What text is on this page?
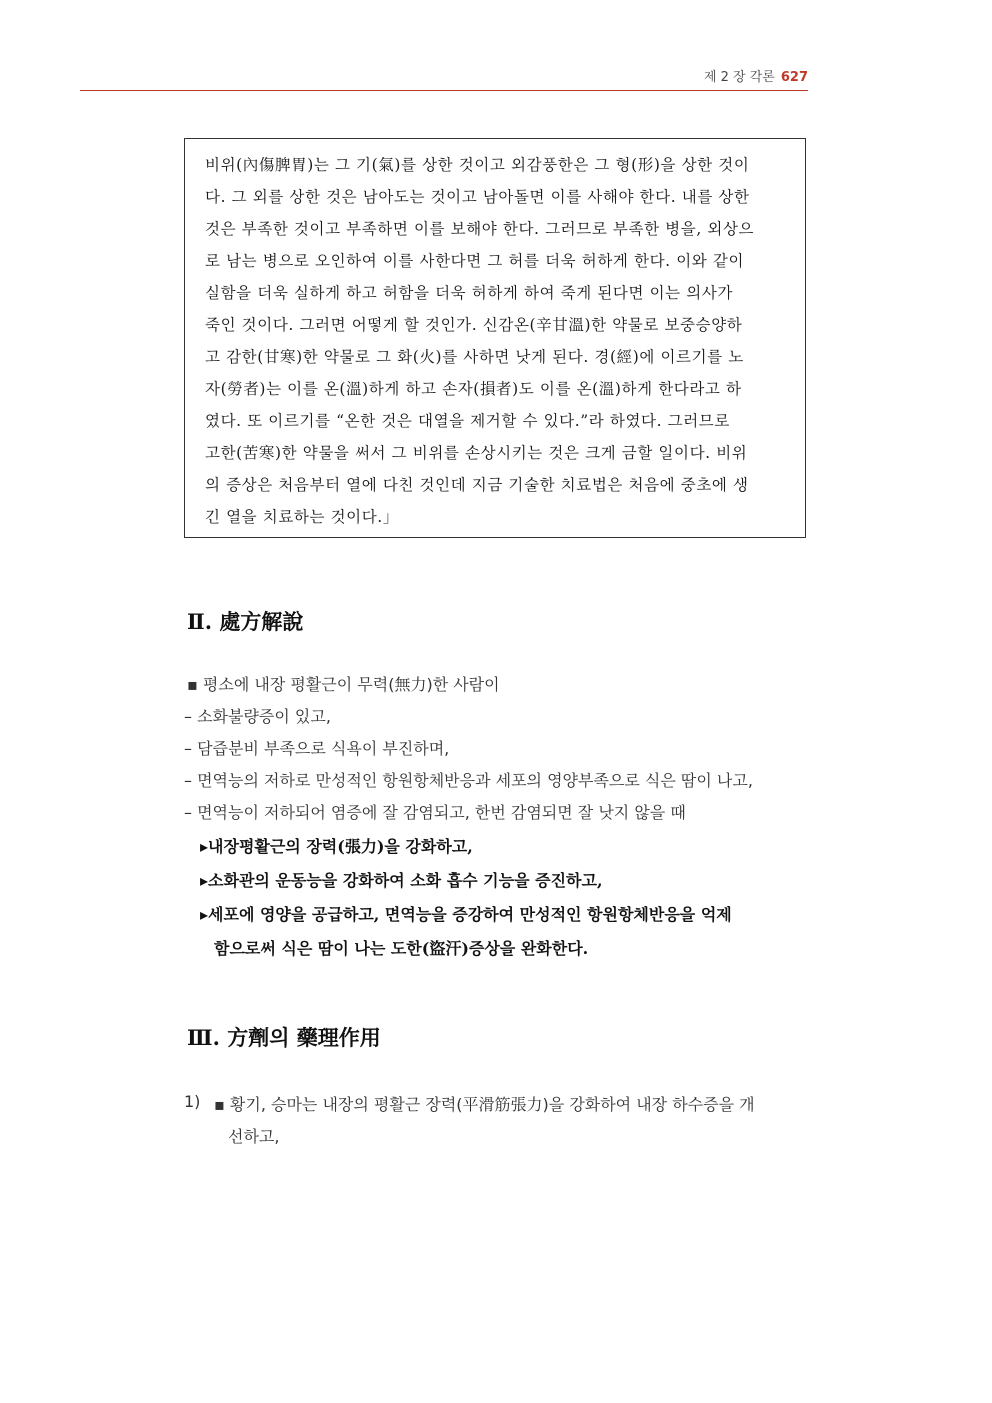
제 2 장 각론 627
비위(內傷脾胃)는 그 기(氣)를 상한 것이고 외감풍한은 그 형(形)을 상한 것이
다. 그 외를 상한 것은 남아도는 것이고 남아돌면 이를 사해야 한다. 내를 상한
것은 부족한 것이고 부족하면 이를 보해야 한다. 그러므로 부족한 병을, 외상으
로 남는 병으로 오인하여 이를 사한다면 그 허를 더욱 허하게 한다. 이와 같이
실함을 더욱 실하게 하고 허함을 더욱 허하게 하여 죽게 된다면 이는 의사가
죽인 것이다. 그러면 어떻게 할 것인가. 신감온(辛甘溫)한 약물로 보중승양하
고 감한(甘寒)한 약물로 그 화(火)를 사하면 낫게 된다. 경(經)에 이르기를 노
자(勞者)는 이를 온(溫)하게 하고 손자(損者)도 이를 온(溫)하게 한다라고 하
였다. 또 이르기를 “온한 것은 대열을 제거할 수 있다.”라 하였다. 그러므로
고한(苦寒)한 약물을 써서 그 비위를 손상시키는 것은 크게 금할 일이다. 비위
의 증상은 처음부터 열에 다친 것인데 지금 기술한 치료법은 처음에 중초에 생
긴 열을 치료하는 것이다.」
Ⅱ. 處方解說
▪ 평소에 내장 평활근이 무력(無力)한 사람이
– 소화불량증이 있고,
– 담즙분비 부족으로 식욕이 부진하며,
– 면역능의 저하로 만성적인 항원항체반응과 세포의 영양부족으로 식은 땀이 나고,
– 면역능이 저하되어 염증에 잘 감염되고, 한번 감염되면 잘 낫지 않을 때
▸내장평활근의 장력(張力)을 강화하고,
▸소화관의 운동능을 강화하여 소화 흡수 기능을 증진하고,
▸세포에 영양을 공급하고, 면역능을 증강하여 만성적인 항원항체반응을 억제
함으로써 식은 땀이 나는 도한(盜汗)증상을 완화한다.
Ⅲ. 方劑의 藥理作用
1) ▪ 황기, 승마는 내장의 평활근 장력(平滑筋張力)을 강화하여 내장 하수증을 개
선하고,
